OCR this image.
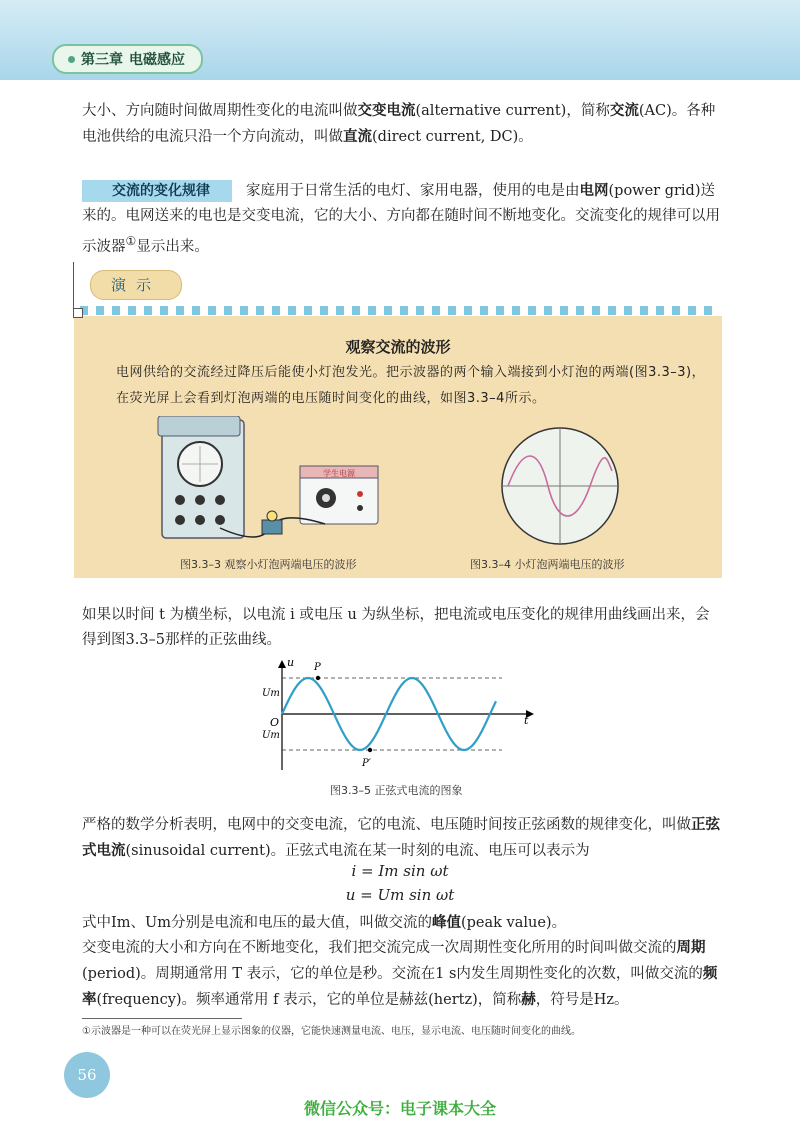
第三章 电磁感应

大小、方向随时间做周期性变化的电流叫做交变电流(alternative current)，简称交流(AC)。各种电池供给的电流只沿一个方向流动，叫做直流(direct current, DC)。

交流的变化规律 家庭用于日常生活的电灯、家用电器，使用的电是由电网(power grid)送来的。电网送来的电也是交变电流，它的大小、方向都在随时间不断地变化。交流变化的规律可以用示波器①显示出来。

演示
观察交流的波形

电网供给的交流经过降压后能使小灯泡发光。把示波器的两个输入端接到小灯泡的两端(图3.3–3)，在荧光屏上会看到灯泡两端的电压随时间变化的曲线，如图3.3–4所示。

学生电源
图3.3–3 观察小灯泡两端电压的波形	图3.3–4 小灯泡两端电压的波形

如果以时间 t 为横坐标，以电流 i 或电压 u 为纵坐标，把电流或电压变化的规律用曲线画出来，会得到图3.3–5那样的正弦曲线。

u
t
O
Um
Um
P
P′
图3.3–5 正弦式电流的图象

严格的数学分析表明，电网中的交变电流，它的电流、电压随时间按正弦函数的规律变化，叫做正弦式电流(sinusoidal current)。正弦式电流在某一时刻的电流、电压可以表示为

i = Im sin ωt
u = Um sin ωt

式中Im、Um分别是电流和电压的最大值，叫做交流的峰值(peak value)。

交变电流的大小和方向在不断地变化，我们把交流完成一次周期性变化所用的时间叫做交流的周期(period)。周期通常用 T 表示，它的单位是秒。交流在1 s内发生周期性变化的次数，叫做交流的频率(frequency)。频率通常用 f 表示，它的单位是赫兹(hertz)，简称赫，符号是Hz。

①示波器是一种可以在荧光屏上显示图象的仪器，它能快速测量电流、电压，显示电流、电压随时间变化的曲线。
56
微信公众号：电子课本大全
